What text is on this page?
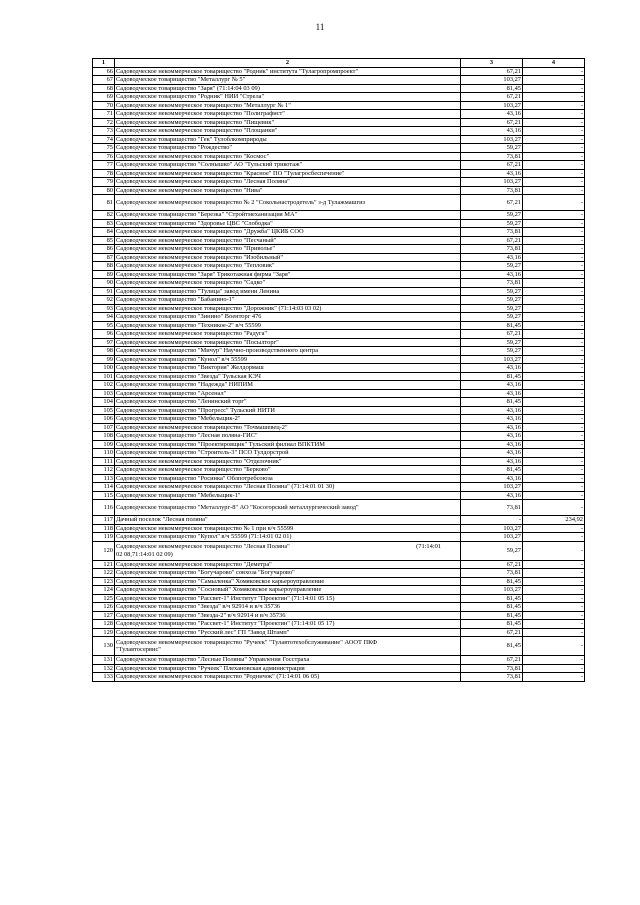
11
1	2	3	4
66	Садоводческое некоммерческое товарищество "Родник" института "Тулагропромпроект"	67,21	-
67	Садоводческое товарищество "Металлург № 5"	103,27	-
68	Садоводческое товарищество "Заря" (71:14:04 03 09)	81,45	-
69	Садоводческое товарищество "Родник" НИИ "Стрела"	67,21	-
70	Садоводческое некоммерческое товарищество "Металлург № 1"	103,27	-
71	Садоводческое некоммерческое товарищество "Полиграфист"	43,16	-
72	Садоводческое некоммерческое товарищество "Пищевик"	67,21	-
73	Садоводческое некоммерческое товарищество "Площанки"	43,16	-
74	Садоводческое товарищество "Гек" Тулоблкомприроды	103,27	-
75	Садоводческое товарищество "Рождество"	59,27	-
76	Садоводческое некоммерческое товарищество "Космос"	73,81	-
77	Садоводческое товарищество "Солнышко" АО "Тульский трикотаж"	67,21	-
78	Садоводческое некоммерческое товарищество "Красное" ПО "Тулагросбеспечение"	43,16	-
79	Садоводческое некоммерческое товарищество "Лесная Поляна"	103,27	-
80	Садоводческое некоммерческое товарищество "Нива"	73,81	-
81	Садоводческое некоммерческое товарищество № 2 "Сокольнастродетель" з-д Тулажмашгиз	67,21	-
82	Садоводческое товарищество "Березка" "Стройтмеханизация МА"	59,27	-
83	Садоводческое товарищество "Здоровье ЦВС "Слободка"	59,27	-
84	Садоводческое некоммерческое товарищество "Дружба" ЦКИБ СОО	73,81	-
85	Садоводческое некоммерческое товарищество "Песчаный"	67,21	-
86	Садоводческое некоммерческое товарищество "Приволье"	73,81	-
87	Садоводческое некоммерческое товарищество "Изобильный"	43,16	-
88	Садоводческое некоммерческое товарищество "Тепловик"	59,27	-
89	Садоводческое товарищество "Заря" Трикотажная фирма "Заря"	43,16	-
90	Садоводческое некоммерческое товарищество "Садко"	73,81	-
91	Садоводческое товарищество "Тулица" завод имени Ленина	59,27	-
92	Садоводческое товарищество "Бабанино-1"	59,27	-
93	Садоводческое некоммерческое товарищество "Дорожник" (71:14:03 03 02)	59,27	-
94	Садоводческое товарищество "Зинино" Военторг 476	59,27	-
95	Садоводческое товарищество "Техникое-2" в/ч 55599	81,45	-
96	Садоводческое некоммерческое товарищество "Радуга"	67,21	-
97	Садоводческое некоммерческое товарищество "Посылторг"	59,27	-
98	Садоводческое товарищество "Мичур" Научно-производственного центра	59,27	-
99	Садоводческое товарищество "Кунол" в/ч 55599	103,27	-
100	Садоводческое товарищество "Виктория" Желдормаш	43,16	-
101	Садоводческое товарищество "Звезда" Тульская КЭЧ	81,45	-
102	Садоводческое товарищество "Надежда" НИПИМ	43,16	-
103	Садоводческое товарищество "Арсенал"	43,16	-
104	Садоводческое товарищество "Ленинский торг"	81,45	-
105	Садоводческое товарищество "Прогресс" Тульский НИТИ	43,16	-
106	Садоводческое товарищество "Мебельщик-2"	43,16	-
107	Садоводческое некоммерческое товарищество "Точмашевец-2"	43,16	-
108	Садоводческое товарищество "Лесная поляна-ГИС"	43,16	-
109	Садоводческое товарищество "Проектировщик" Тульский филиал ВПКТИМ	43,16	-
110	Садоводческое товарищество "Строитель-3" ПСО Тулдорстрой	43,16	-
111	Садоводческое некоммерческое товарищество "Отделочник"	43,16	-
112	Садоводческое некоммерческое товарищество "Берково"	81,45	-
113	Садоводческое товарищество "Росинка" Облпотребсоюза	43,16	-
114	Садоводческое некоммерческое товарищество "Лесная Поляна" (71:14:01 01 30)	103,27	-
115	Садоводческое товарищество "Мебельщик-1"	43,16	-
116	Садоводческое товарищество "Металлург-8" АО "Косогорский металлургический завод"	73,81	-
117	Дачный поселок "Лесная поляна"	-	234,92
118	Садоводческое некоммерческое товарищество № 1 при в/ч 55599	103,27	-
119	Садоводческое товарищество "Купол" в/ч 55599 (71:14:01 02 01)	103,27	-
120	(71:14:01
Садоводческое некоммерческое товарищество "Лесная Поляна"
02 08,71:14:01 02 09)	59,27	-
121	Садоводческое некоммерческое товарищество "Деметра"	67,21	-
122	Садоводческое товарищество "Богучарово" совхоза "Богучарово"	73,81	-
123	Садоводческое товарищество "Самыленка" Хомяковское карьероуправление	81,45	-
124	Садоводческое товарищество "Сосновый" Хомяковское карьероуправление	103,27	-
125	Садоводческое товарищество "Рассвет-1" Институт "Проектин" (71:14:01 05 15)	81,45	-
126	Садоводческое товарищество "Звезда" в/ч 92914 и в/ч 35736	81,45	-
127	Садоводческое товарищество "Звезда-2" в/ч 92914 и в/ч 35736	81,45	-
128	Садоводческое товарищество "Рассвет-1" Институт "Проектин" (71:14:01 05 17)	81,45	-
129	Садоводческое товарищество "Русский лес" ГП "Завод Штамп"	67,21	-
130	Садоводческое некоммерческое товарищество "Ручеек" "Тулавтотехобслуживание" АООТ ПКФ
"Тулавтосервис"	81,45	-
131	Садоводческое товарищество "Лесные Поляны" Управления Госстраха	67,21	-
132	Садоводческое товарищество "Ручеек" Плехановская администрация	73,81	-
133	Садоводческое некоммерческое товарищество "Родничок" (71:14:01 06 05)	73,81	-
